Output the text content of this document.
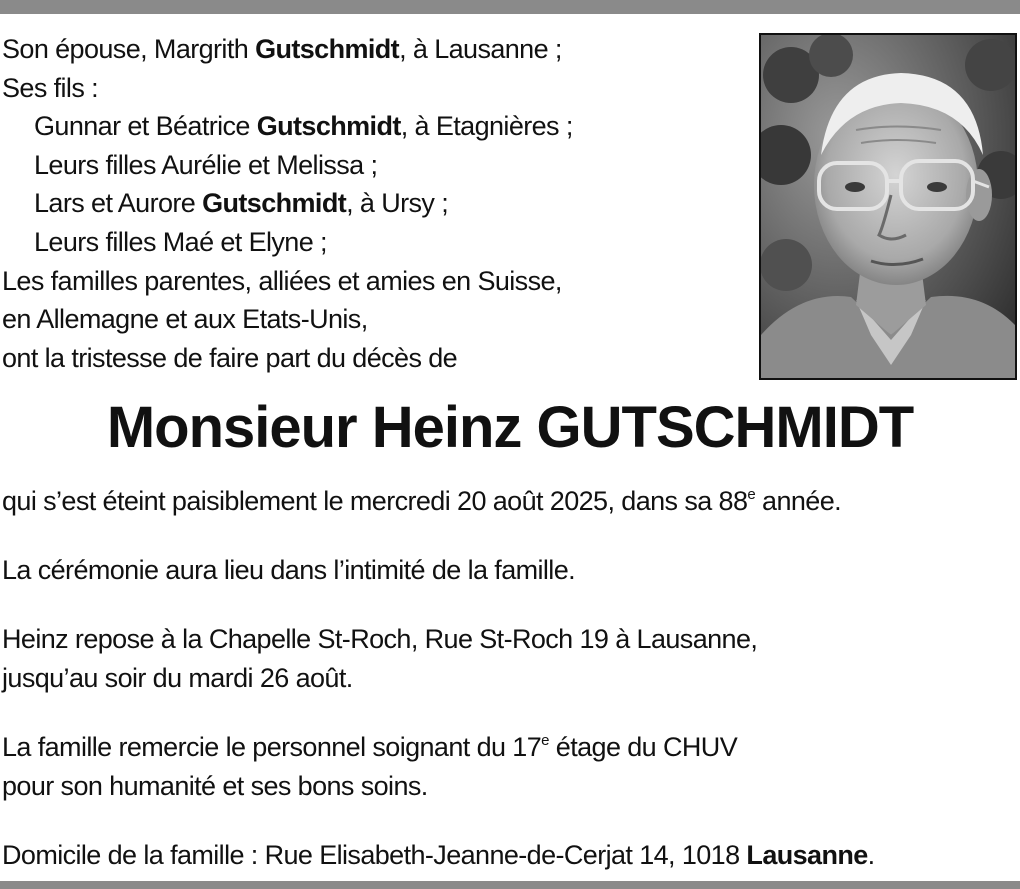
Son épouse, Margrith Gutschmidt, à Lausanne ;
Ses fils :
Gunnar et Béatrice Gutschmidt, à Etagnières ;
Leurs filles Aurélie et Melissa ;
Lars et Aurore Gutschmidt, à Ursy ;
Leurs filles Maé et Elyne ;
Les familles parentes, alliées et amies en Suisse,
en Allemagne et aux Etats-Unis,
ont la tristesse de faire part du décès de
Monsieur Heinz GUTSCHMIDT
qui s’est éteint paisiblement le mercredi 20 août 2025, dans sa 88e année.
La cérémonie aura lieu dans l’intimité de la famille.
Heinz repose à la Chapelle St-Roch, Rue St-Roch 19 à Lausanne,
jusqu’au soir du mardi 26 août.
La famille remercie le personnel soignant du 17e étage du CHUV
pour son humanité et ses bons soins.
Domicile de la famille : Rue Elisabeth-Jeanne-de-Cerjat 14, 1018 Lausanne.
